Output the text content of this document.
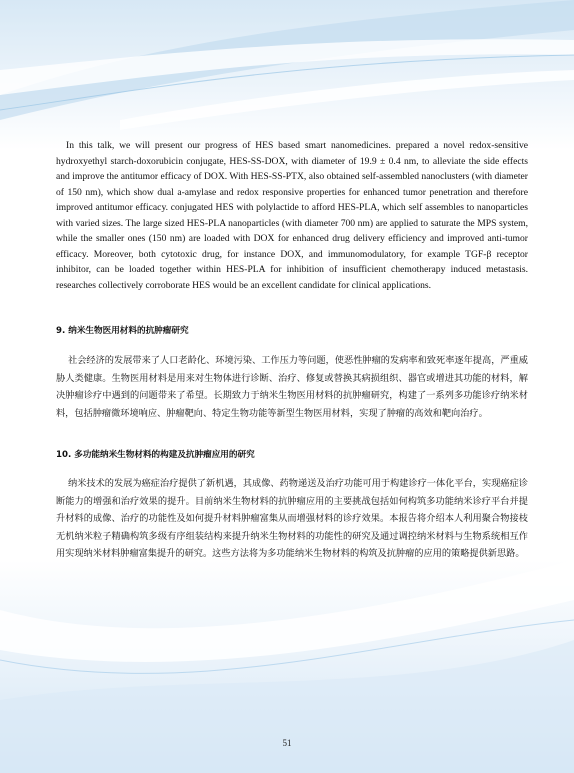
In this talk, we will present our progress of HES based smart nanomedicines. prepared a novel redox-sensitive hydroxyethyl starch-doxorubicin conjugate, HES-SS-DOX, with diameter of 19.9 ± 0.4 nm, to alleviate the side effects and improve the antitumor efficacy of DOX. With HES-SS-PTX, also obtained self-assembled nanoclusters (with diameter of 150 nm), which show dual a-amylase and redox responsive properties for enhanced tumor penetration and therefore improved antitumor efficacy. conjugated HES with polylactide to afford HES-PLA, which self assembles to nanoparticles with varied sizes. The large sized HES-PLA nanoparticles (with diameter 700 nm) are applied to saturate the MPS system, while the smaller ones (150 nm) are loaded with DOX for enhanced drug delivery efficiency and improved anti-tumor efficacy. Moreover, both cytotoxic drug, for instance DOX, and immunomodulatory, for example TGF-β receptor inhibitor, can be loaded together within HES-PLA for inhibition of insufficient chemotherapy induced metastasis. researches collectively corroborate HES would be an excellent candidate for clinical applications.

9. 纳米生物医用材料的抗肿瘤研究

社会经济的发展带来了人口老龄化、环境污染、工作压力等问题，使恶性肿瘤的发病率和致死率逐年提高，严重威胁人类健康。生物医用材料是用来对生物体进行诊断、治疗、修复或替换其病损组织、器官或增进其功能的材料，解决肿瘤诊疗中遇到的问题带来了希望。长期致力于纳米生物医用材料的抗肿瘤研究，构建了一系列多功能诊疗纳米材料，包括肿瘤微环境响应、肿瘤靶向、特定生物功能等新型生物医用材料，实现了肿瘤的高效和靶向治疗。

10. 多功能纳米生物材料的构建及抗肿瘤应用的研究

纳米技术的发展为癌症治疗提供了新机遇，其成像、药物递送及治疗功能可用于构建诊疗一体化平台，实现癌症诊断能力的增强和治疗效果的提升。目前纳米生物材料的抗肿瘤应用的主要挑战包括如何构筑多功能纳米诊疗平台并提升材料的成像、治疗的功能性及如何提升材料肿瘤富集从而增强材料的诊疗效果。本报告将介绍本人利用聚合物接枝无机纳米粒子精确构筑多级有序组装结构来提升纳米生物材料的功能性的研究及通过调控纳米材料与生物系统相互作用实现纳米材料肿瘤富集提升的研究。这些方法将为多功能纳米生物材料的构筑及抗肿瘤的应用的策略提供新思路。

51
